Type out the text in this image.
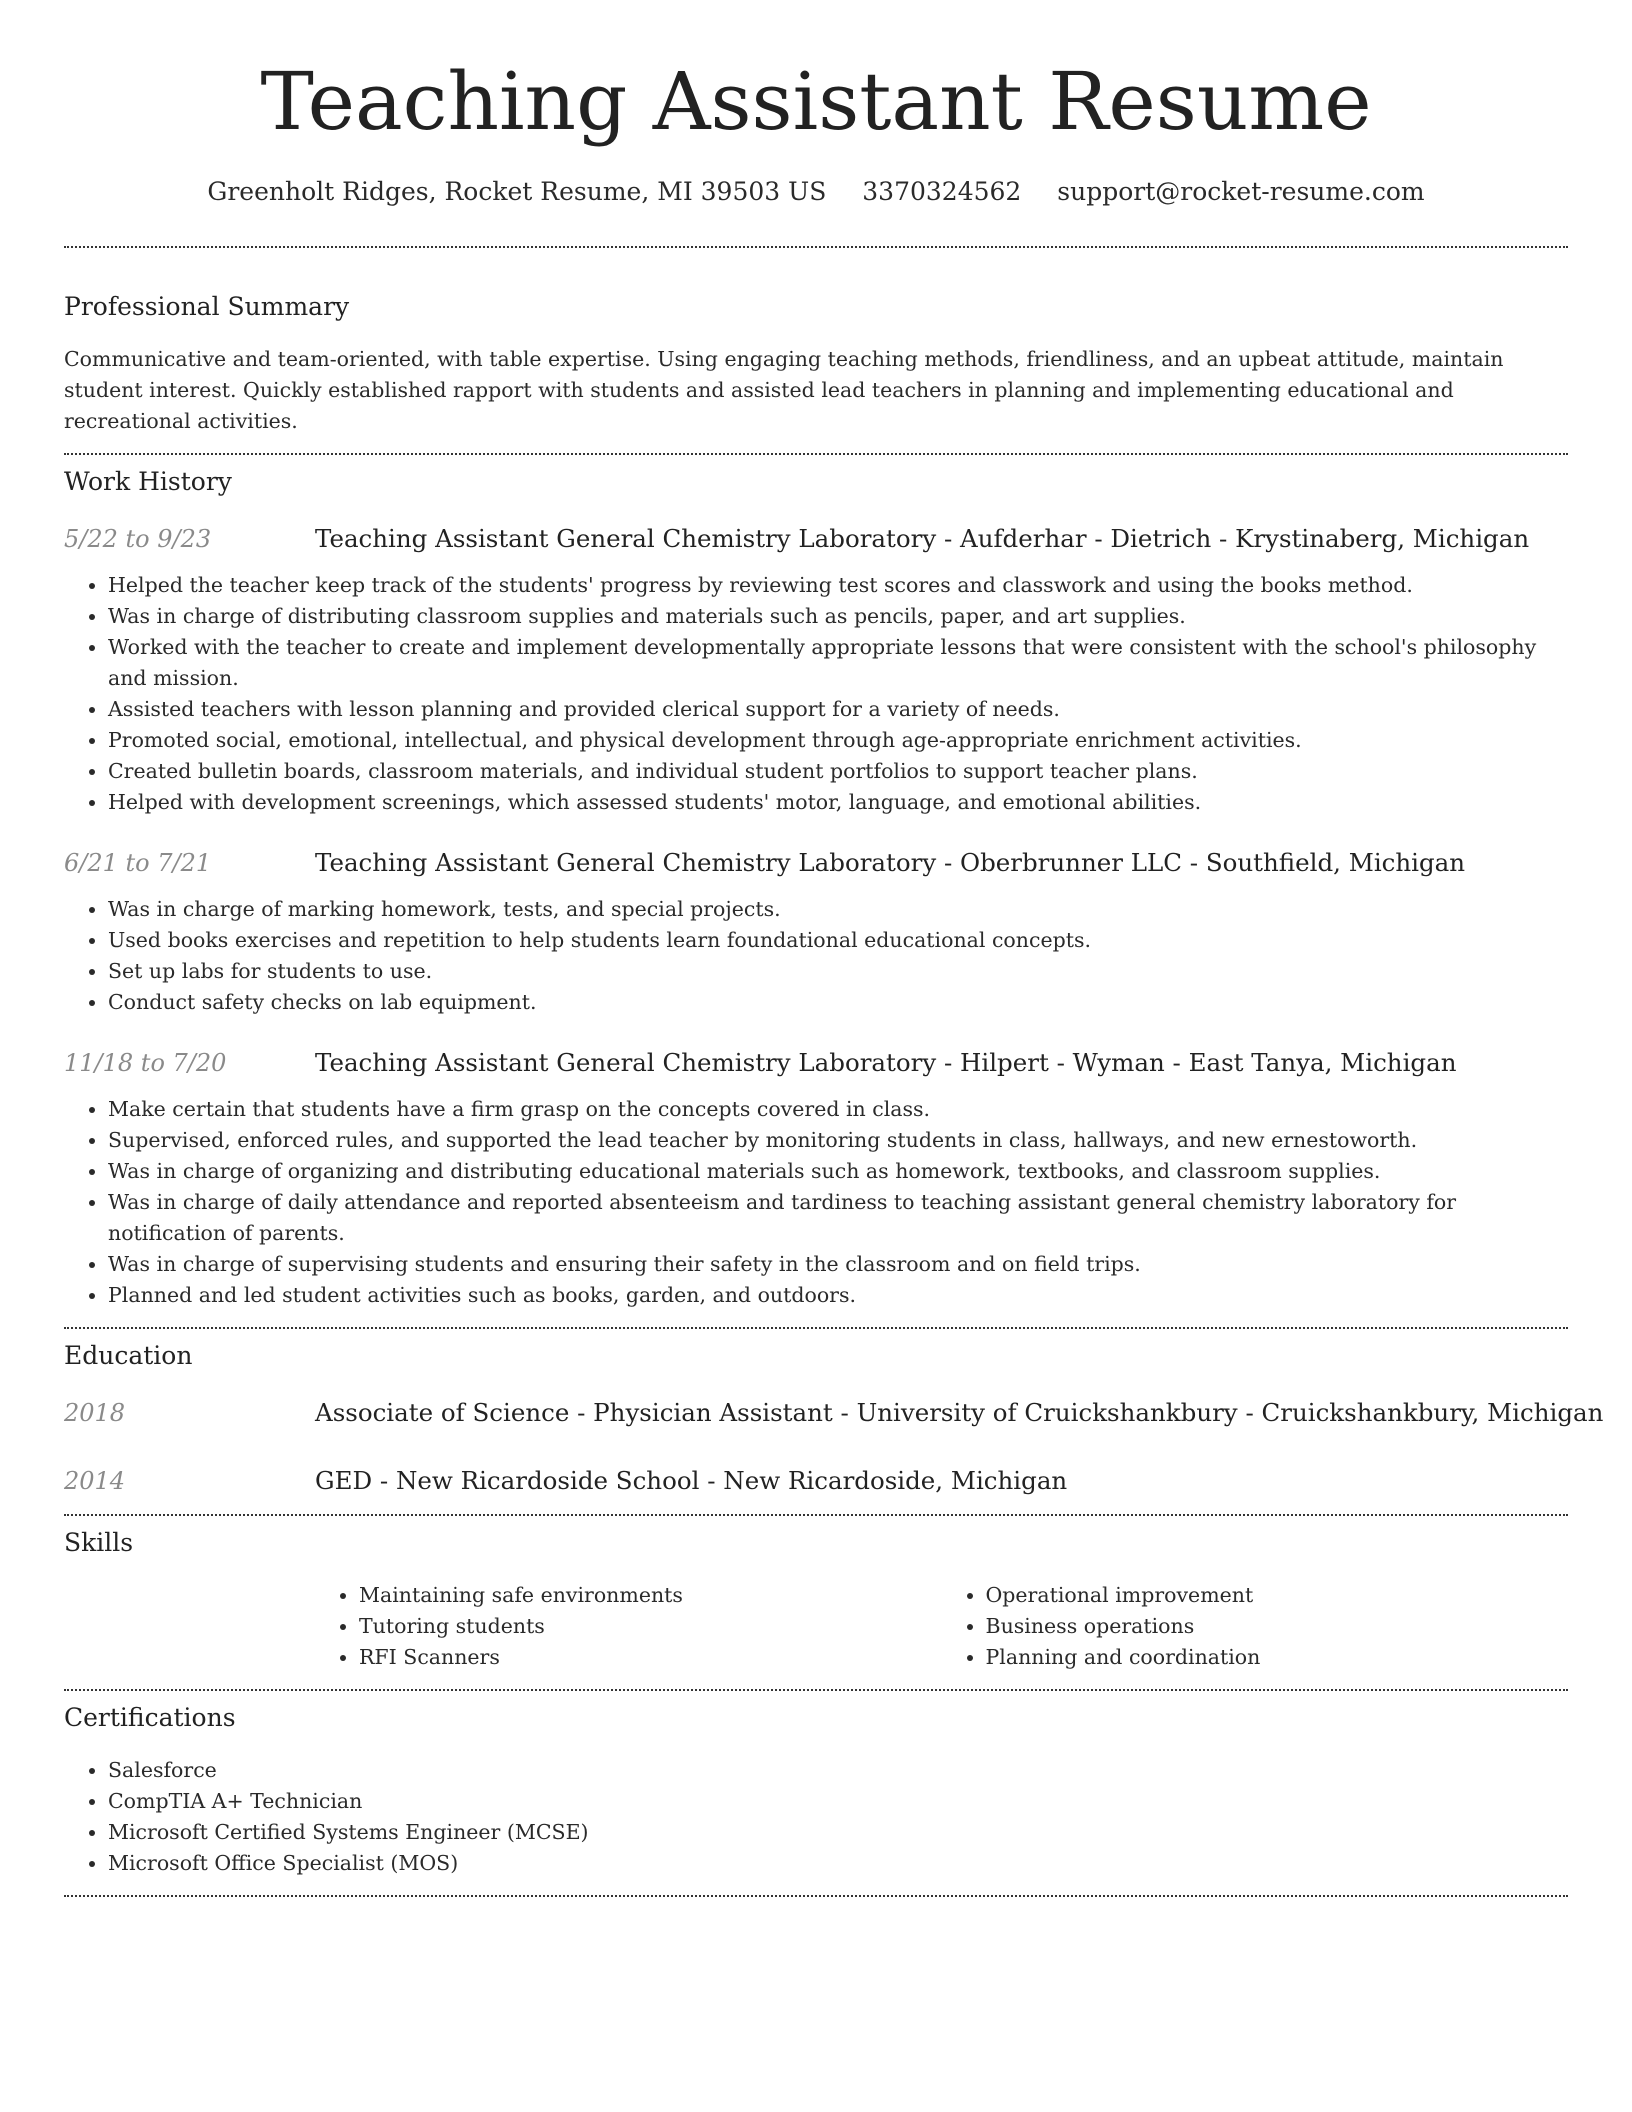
Teaching Assistant Resume
Greenholt Ridges, Rocket Resume, MI 39503 US 3370324562 support@rocket-resume.com
Professional Summary

Communicative and team-oriented, with table expertise. Using engaging teaching methods, friendliness, and an upbeat attitude, maintain student interest. Quickly established rapport with students and assisted lead teachers in planning and implementing educational and recreational activities.

Work History
5/22 to 9/23	Teaching Assistant General Chemistry Laboratory - Aufderhar - Dietrich - Krystinaberg, Michigan
• Helped the teacher keep track of the students' progress by reviewing test scores and classwork and using the books method.
• Was in charge of distributing classroom supplies and materials such as pencils, paper, and art supplies.
• Worked with the teacher to create and implement developmentally appropriate lessons that were consistent with the school's philosophy and mission.
• Assisted teachers with lesson planning and provided clerical support for a variety of needs.
• Promoted social, emotional, intellectual, and physical development through age-appropriate enrichment activities.
• Created bulletin boards, classroom materials, and individual student portfolios to support teacher plans.
• Helped with development screenings, which assessed students' motor, language, and emotional abilities.
6/21 to 7/21	Teaching Assistant General Chemistry Laboratory - Oberbrunner LLC - Southfield, Michigan
• Was in charge of marking homework, tests, and special projects.
• Used books exercises and repetition to help students learn foundational educational concepts.
• Set up labs for students to use.
• Conduct safety checks on lab equipment.
11/18 to 7/20	Teaching Assistant General Chemistry Laboratory - Hilpert - Wyman - East Tanya, Michigan
• Make certain that students have a firm grasp on the concepts covered in class.
• Supervised, enforced rules, and supported the lead teacher by monitoring students in class, hallways, and new ernestoworth.
• Was in charge of organizing and distributing educational materials such as homework, textbooks, and classroom supplies.
• Was in charge of daily attendance and reported absenteeism and tardiness to teaching assistant general chemistry laboratory for notification of parents.
• Was in charge of supervising students and ensuring their safety in the classroom and on field trips.
• Planned and led student activities such as books, garden, and outdoors.
Education
2018	Associate of Science - Physician Assistant - University of Cruickshankbury - Cruickshankbury, Michigan
2014	GED - New Ricardoside School - New Ricardoside, Michigan
Skills
• Maintaining safe environments
• Tutoring students
• RFI Scanners
• Operational improvement
• Business operations
• Planning and coordination
Certifications
• Salesforce
• CompTIA A+ Technician
• Microsoft Certified Systems Engineer (MCSE)
• Microsoft Office Specialist (MOS)
